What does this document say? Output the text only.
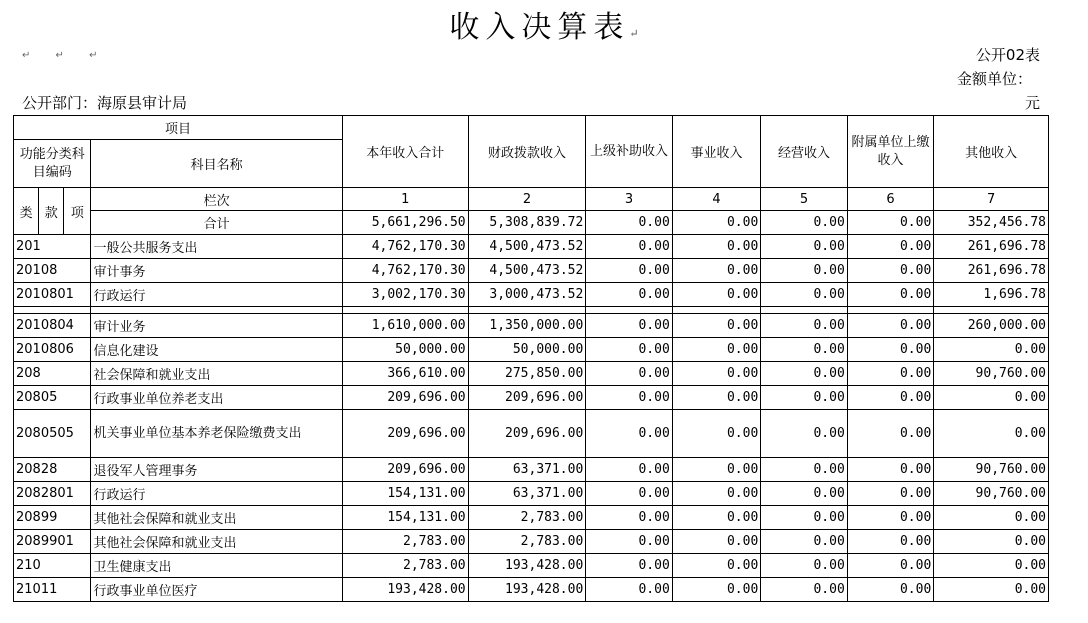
收入决算表↵
↵ ↵ ↵	公开02表
金额单位：
公开部门：海原县审计局	元
项目				本年收入合计	财政拨款收入	上级补助收入	事业收入	经营收入	附属单位上缴收入	其他收入
功能分类科目编码			科目名称							
类	款	项	栏次	1	2	3	4	5	6	7
			合计	5,661,296.50	5,308,839.72	0.00	0.00	0.00	0.00	352,456.78
201			一般公共服务支出	4,762,170.30	4,500,473.52	0.00	0.00	0.00	0.00	261,696.78
20108			审计事务	4,762,170.30	4,500,473.52	0.00	0.00	0.00	0.00	261,696.78
2010801			行政运行	3,002,170.30	3,000,473.52	0.00	0.00	0.00	0.00	1,696.78

2010804			审计业务	1,610,000.00	1,350,000.00	0.00	0.00	0.00	0.00	260,000.00
2010806			信息化建设	50,000.00	50,000.00	0.00	0.00	0.00	0.00	0.00
208			社会保障和就业支出	366,610.00	275,850.00	0.00	0.00	0.00	0.00	90,760.00
20805			行政事业单位养老支出	209,696.00	209,696.00	0.00	0.00	0.00	0.00	0.00
2080505			机关事业单位基本养老保险缴费支出	209,696.00	209,696.00	0.00	0.00	0.00	0.00	0.00
20828			退役军人管理事务	209,696.00	63,371.00	0.00	0.00	0.00	0.00	90,760.00
2082801			行政运行	154,131.00	63,371.00	0.00	0.00	0.00	0.00	90,760.00
20899			其他社会保障和就业支出	154,131.00	2,783.00	0.00	0.00	0.00	0.00	0.00
2089901			其他社会保障和就业支出	2,783.00	2,783.00	0.00	0.00	0.00	0.00	0.00
210			卫生健康支出	2,783.00	193,428.00	0.00	0.00	0.00	0.00	0.00
21011			行政事业单位医疗	193,428.00	193,428.00	0.00	0.00	0.00	0.00	0.00
